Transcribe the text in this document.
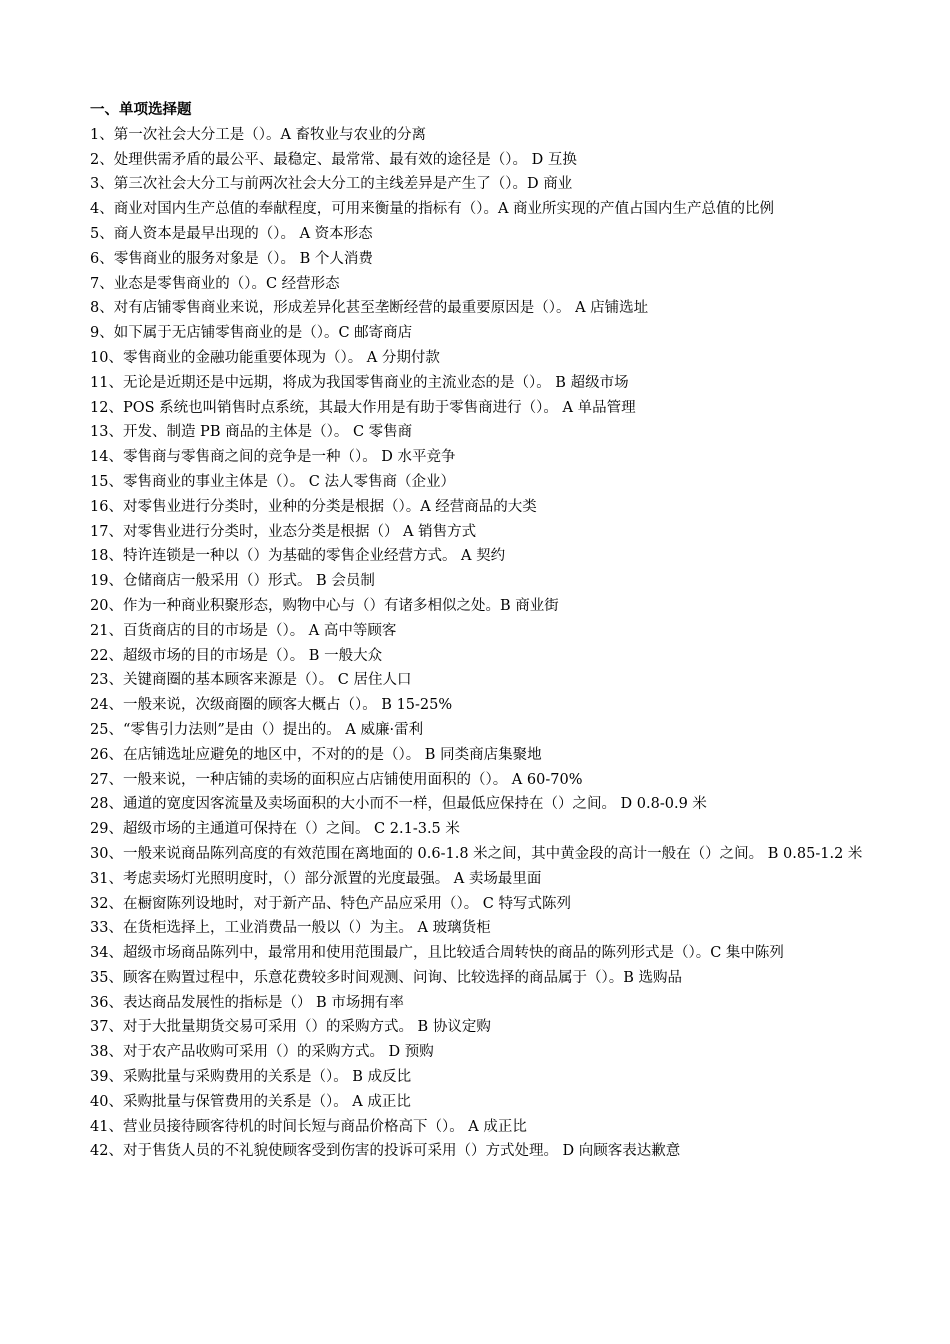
一、单项选择题
1、第一次社会大分工是（）。A 畜牧业与农业的分离
2、处理供需矛盾的最公平、最稳定、最常常、最有效的途径是（）。 D 互换
3、第三次社会大分工与前两次社会大分工的主线差异是产生了（）。D 商业
4、商业对国内生产总值的奉献程度，可用来衡量的指标有（）。A 商业所实现的产值占国内生产总值的比例
5、商人资本是最早出现的（）。 A 资本形态
6、零售商业的服务对象是（）。 B 个人消费
7、业态是零售商业的（）。C 经营形态
8、对有店铺零售商业来说，形成差异化甚至垄断经营的最重要原因是（）。 A 店铺选址
9、如下属于无店铺零售商业的是（）。C 邮寄商店
10、零售商业的金融功能重要体现为（）。 A 分期付款
11、无论是近期还是中远期，将成为我国零售商业的主流业态的是（）。 B 超级市场
12、POS 系统也叫销售时点系统，其最大作用是有助于零售商进行（）。 A 单品管理
13、开发、制造 PB 商品的主体是（）。 C 零售商
14、零售商与零售商之间的竞争是一种（）。 D 水平竞争
15、零售商业的事业主体是（）。 C 法人零售商（企业）
16、对零售业进行分类时，业种的分类是根据（）。A 经营商品的大类
17、对零售业进行分类时，业态分类是根据（） A 销售方式
18、特许连锁是一种以（）为基础的零售企业经营方式。 A 契约
19、仓储商店一般采用（）形式。 B 会员制
20、作为一种商业积聚形态，购物中心与（）有诸多相似之处。B 商业街
21、百货商店的目的市场是（）。 A 高中等顾客
22、超级市场的目的市场是（）。 B 一般大众
23、关键商圈的基本顾客来源是（）。 C 居住人口
24、一般来说，次级商圈的顾客大概占（）。 B 15-25%
25、“零售引力法则”是由（）提出的。 A 威廉·雷利
26、在店铺选址应避免的地区中，不对的的是（）。 B 同类商店集聚地
27、一般来说，一种店铺的卖场的面积应占店铺使用面积的（）。 A 60-70%
28、通道的宽度因客流量及卖场面积的大小而不一样，但最低应保持在（）之间。 D 0.8-0.9 米
29、超级市场的主通道可保持在（）之间。 C 2.1-3.5 米
30、一般来说商品陈列高度的有效范围在离地面的 0.6-1.8 米之间，其中黄金段的高计一般在（）之间。 B 0.85-1.2 米
31、考虑卖场灯光照明度时，（）部分派置的光度最强。 A 卖场最里面
32、在橱窗陈列设地时，对于新产品、特色产品应采用（）。 C 特写式陈列
33、在货柜选择上，工业消费品一般以（）为主。 A 玻璃货柜
34、超级市场商品陈列中，最常用和使用范围最广，且比较适合周转快的商品的陈列形式是（）。C 集中陈列
35、顾客在购置过程中，乐意花费较多时间观测、问询、比较选择的商品属于（）。B 选购品
36、表达商品发展性的指标是（） B 市场拥有率
37、对于大批量期货交易可采用（）的采购方式。 B 协议定购
38、对于农产品收购可采用（）的采购方式。 D 预购
39、采购批量与采购费用的关系是（）。 B 成反比
40、采购批量与保管费用的关系是（）。 A 成正比
41、营业员接待顾客待机的时间长短与商品价格高下（）。 A 成正比
42、对于售货人员的不礼貌使顾客受到伤害的投诉可采用（）方式处理。 D 向顾客表达歉意
